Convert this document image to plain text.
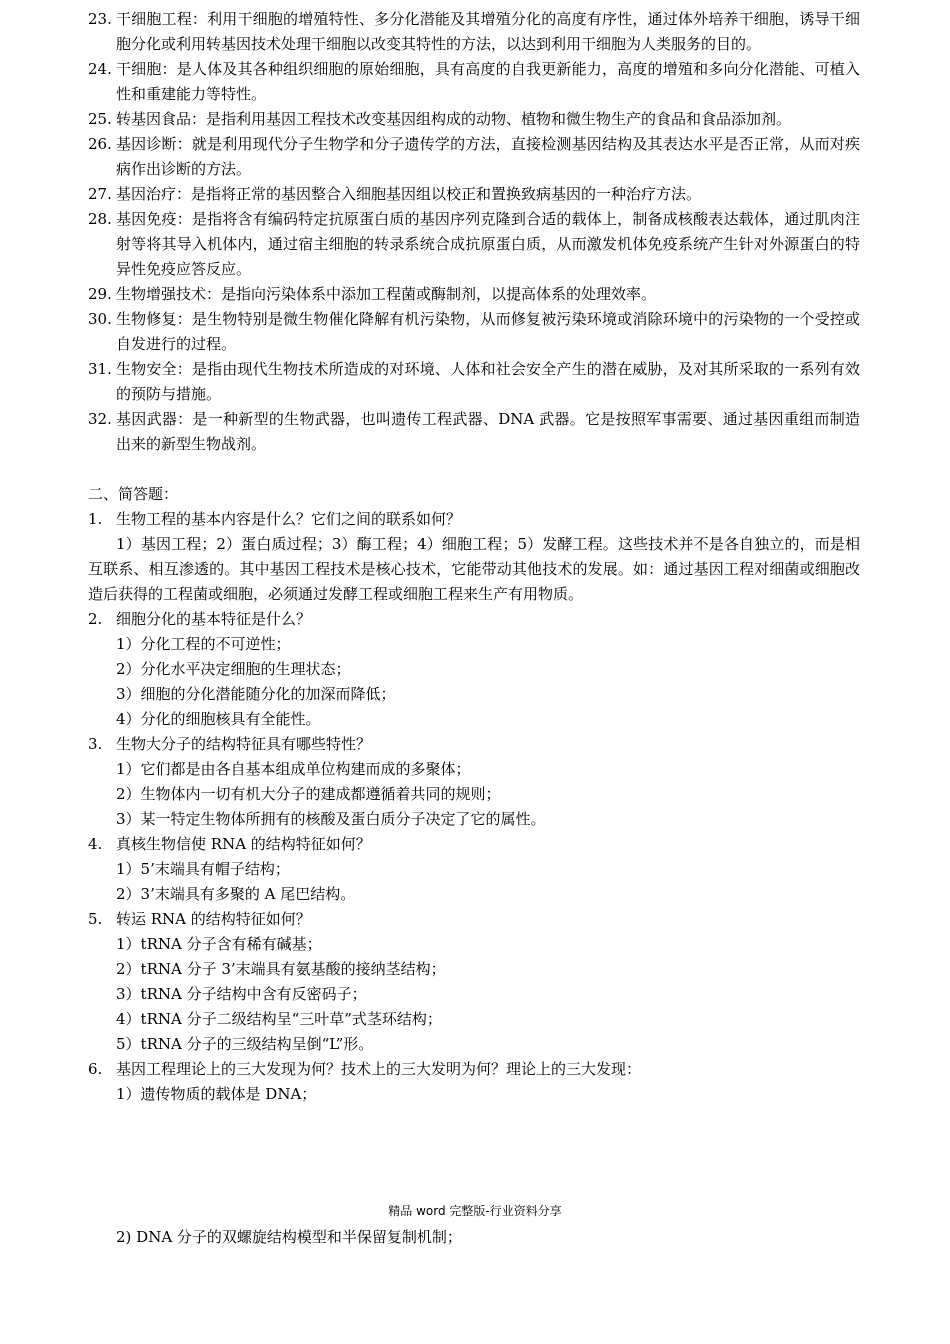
23. 干细胞工程：利用干细胞的增殖特性、多分化潜能及其增殖分化的高度有序性，通过体外培养干细胞，诱导干细胞分化或利用转基因技术处理干细胞以改变其特性的方法，以达到利用干细胞为人类服务的目的。
24. 干细胞：是人体及其各种组织细胞的原始细胞，具有高度的自我更新能力，高度的增殖和多向分化潜能、可植入性和重建能力等特性。
25. 转基因食品：是指利用基因工程技术改变基因组构成的动物、植物和微生物生产的食品和食品添加剂。
26. 基因诊断：就是利用现代分子生物学和分子遗传学的方法，直接检测基因结构及其表达水平是否正常，从而对疾病作出诊断的方法。
27. 基因治疗：是指将正常的基因整合入细胞基因组以校正和置换致病基因的一种治疗方法。
28. 基因免疫：是指将含有编码特定抗原蛋白质的基因序列克隆到合适的载体上，制备成核酸表达载体，通过肌肉注射等将其导入机体内，通过宿主细胞的转录系统合成抗原蛋白质，从而激发机体免疫系统产生针对外源蛋白的特异性免疫应答反应。
29. 生物增强技术：是指向污染体系中添加工程菌或酶制剂，以提高体系的处理效率。
30. 生物修复：是生物特别是微生物催化降解有机污染物，从而修复被污染环境或消除环境中的污染物的一个受控或自发进行的过程。
31. 生物安全：是指由现代生物技术所造成的对环境、人体和社会安全产生的潜在威胁，及对其所采取的一系列有效的预防与措施。
32. 基因武器：是一种新型的生物武器，也叫遗传工程武器、DNA 武器。它是按照军事需要、通过基因重组而制造出来的新型生物战剂。
二、简答题：
1. 生物工程的基本内容是什么？它们之间的联系如何？
1）基因工程；2）蛋白质过程；3）酶工程；4）细胞工程；5）发酵工程。这些技术并不是各自独立的，而是相互联系、相互渗透的。其中基因工程技术是核心技术，它能带动其他技术的发展。如：通过基因工程对细菌或细胞改造后获得的工程菌或细胞，必须通过发酵工程或细胞工程来生产有用物质。
2. 细胞分化的基本特征是什么？
1）分化工程的不可逆性；
2）分化水平决定细胞的生理状态；
3）细胞的分化潜能随分化的加深而降低；
4）分化的细胞核具有全能性。
3. 生物大分子的结构特征具有哪些特性？
1）它们都是由各自基本组成单位构建而成的多聚体；
2）生物体内一切有机大分子的建成都遵循着共同的规则；
3）某一特定生物体所拥有的核酸及蛋白质分子决定了它的属性。
4. 真核生物信使 RNA 的结构特征如何？
1）5’末端具有帽子结构；
2）3’末端具有多聚的 A 尾巴结构。
5. 转运 RNA 的结构特征如何？
1）tRNA 分子含有稀有碱基；
2）tRNA 分子 3’末端具有氨基酸的接纳茎结构；
3）tRNA 分子结构中含有反密码子；
4）tRNA 分子二级结构呈“三叶草”式茎环结构；
5）tRNA 分子的三级结构呈倒“L”形。
6. 基因工程理论上的三大发现为何？技术上的三大发明为何？理论上的三大发现：
1）遗传物质的载体是 DNA；
精品 word 完整版-行业资料分享
2) DNA 分子的双螺旋结构模型和半保留复制机制；
